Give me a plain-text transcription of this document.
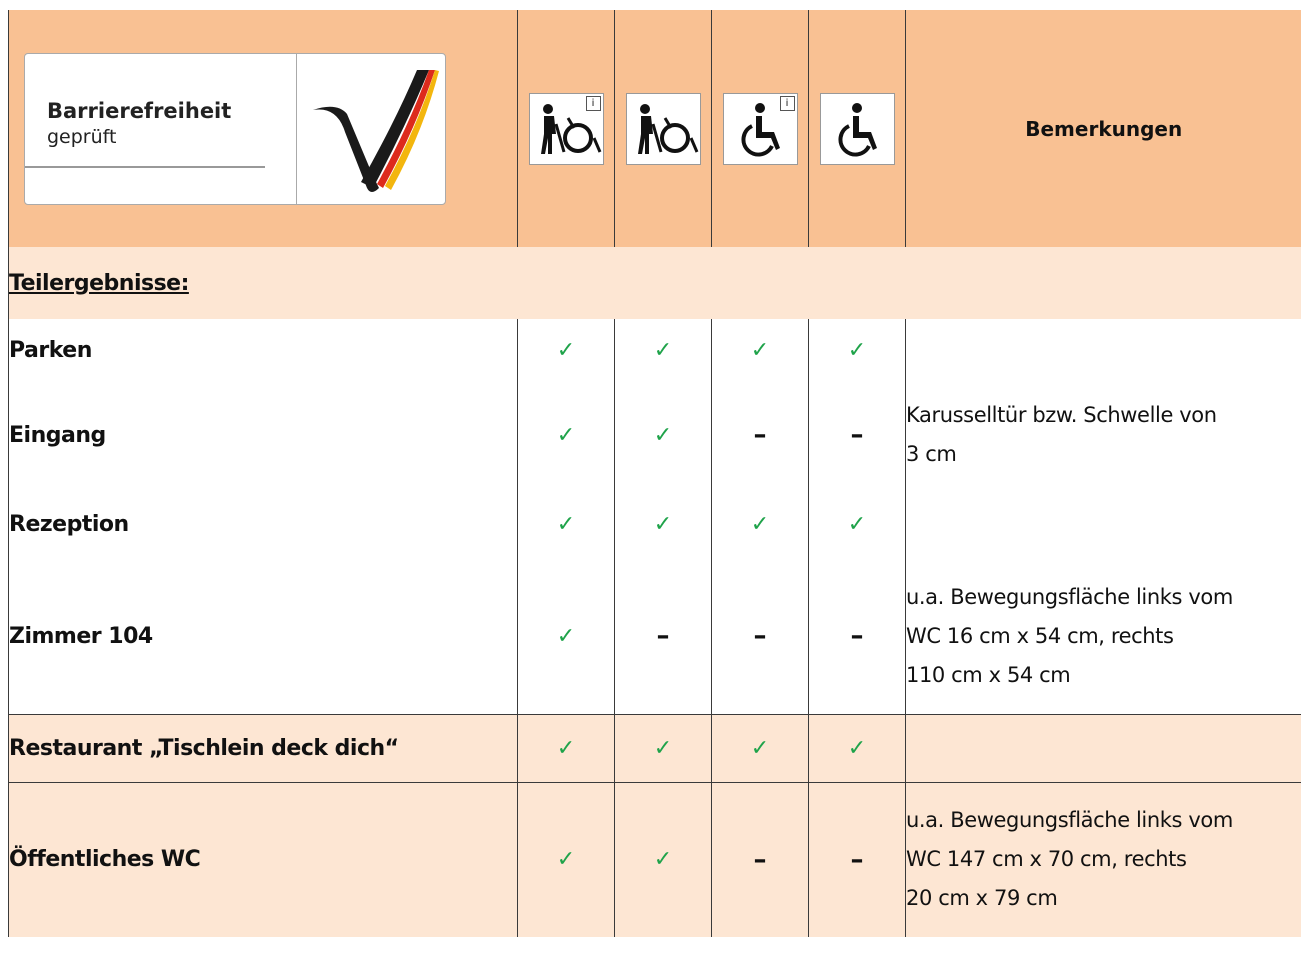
Barrierefreiheit
geprüft	i		i		Bemerkungen
Teilergebnisse:					
Parken	✓	✓	✓	✓	
Eingang	✓	✓	–	–	Karusselltür bzw. Schwelle von
3 cm

Rezeption	✓	✓	✓	✓	
Zimmer 104	✓	–	–	–	u.a. Bewegungsfläche links vom
WC 16 cm x 54 cm, rechts
110 cm x 54 cm

Restaurant „Tischlein deck dich“	✓	✓	✓	✓	
Öffentliches WC	✓	✓	–	–	u.a. Bewegungsfläche links vom
WC 147 cm x 70 cm, rechts
20 cm x 79 cm
